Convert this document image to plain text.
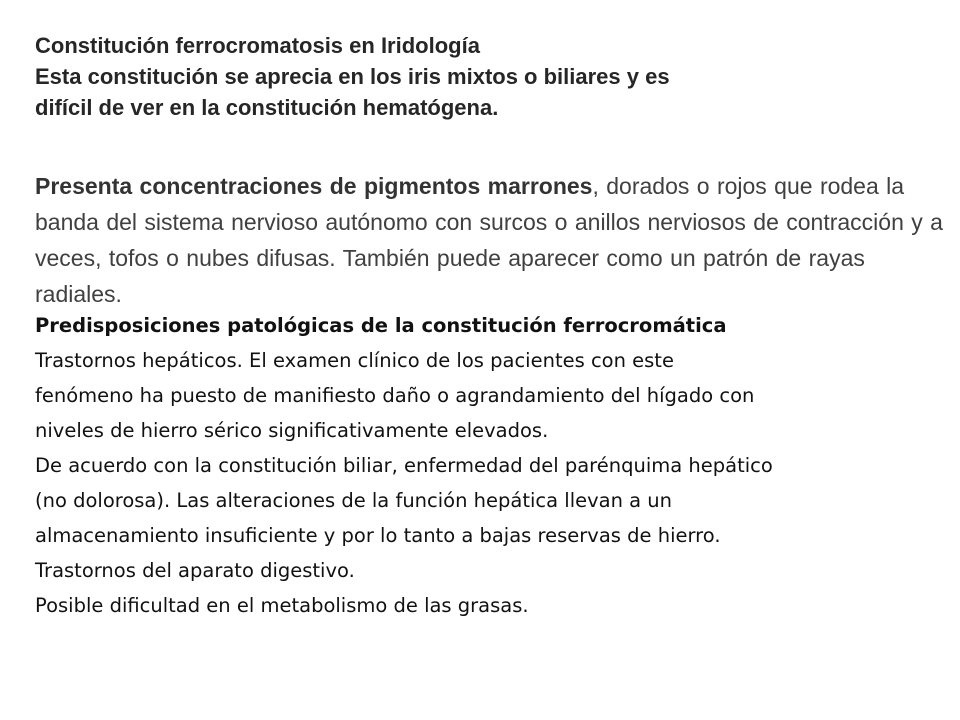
Constitución ferrocromatosis en Iridología
Esta constitución se aprecia en los iris mixtos o biliares y es
difícil de ver en la constitución hematógena.

Presenta concentraciones de pigmentos marrones, dorados o rojos que rodea la banda del sistema nervioso autónomo con surcos o anillos nerviosos de contracción y a veces, tofos o nubes difusas. También puede aparecer como un patrón de rayas radiales.

Predisposiciones patológicas de la constitución ferrocromática
Trastornos hepáticos. El examen clínico de los pacientes con este
fenómeno ha puesto de manifiesto daño o agrandamiento del hígado con
niveles de hierro sérico significativamente elevados.
De acuerdo con la constitución biliar, enfermedad del parénquima hepático
(no dolorosa). Las alteraciones de la función hepática llevan a un
almacenamiento insuficiente y por lo tanto a bajas reservas de hierro.
Trastornos del aparato digestivo.
Posible dificultad en el metabolismo de las grasas.
